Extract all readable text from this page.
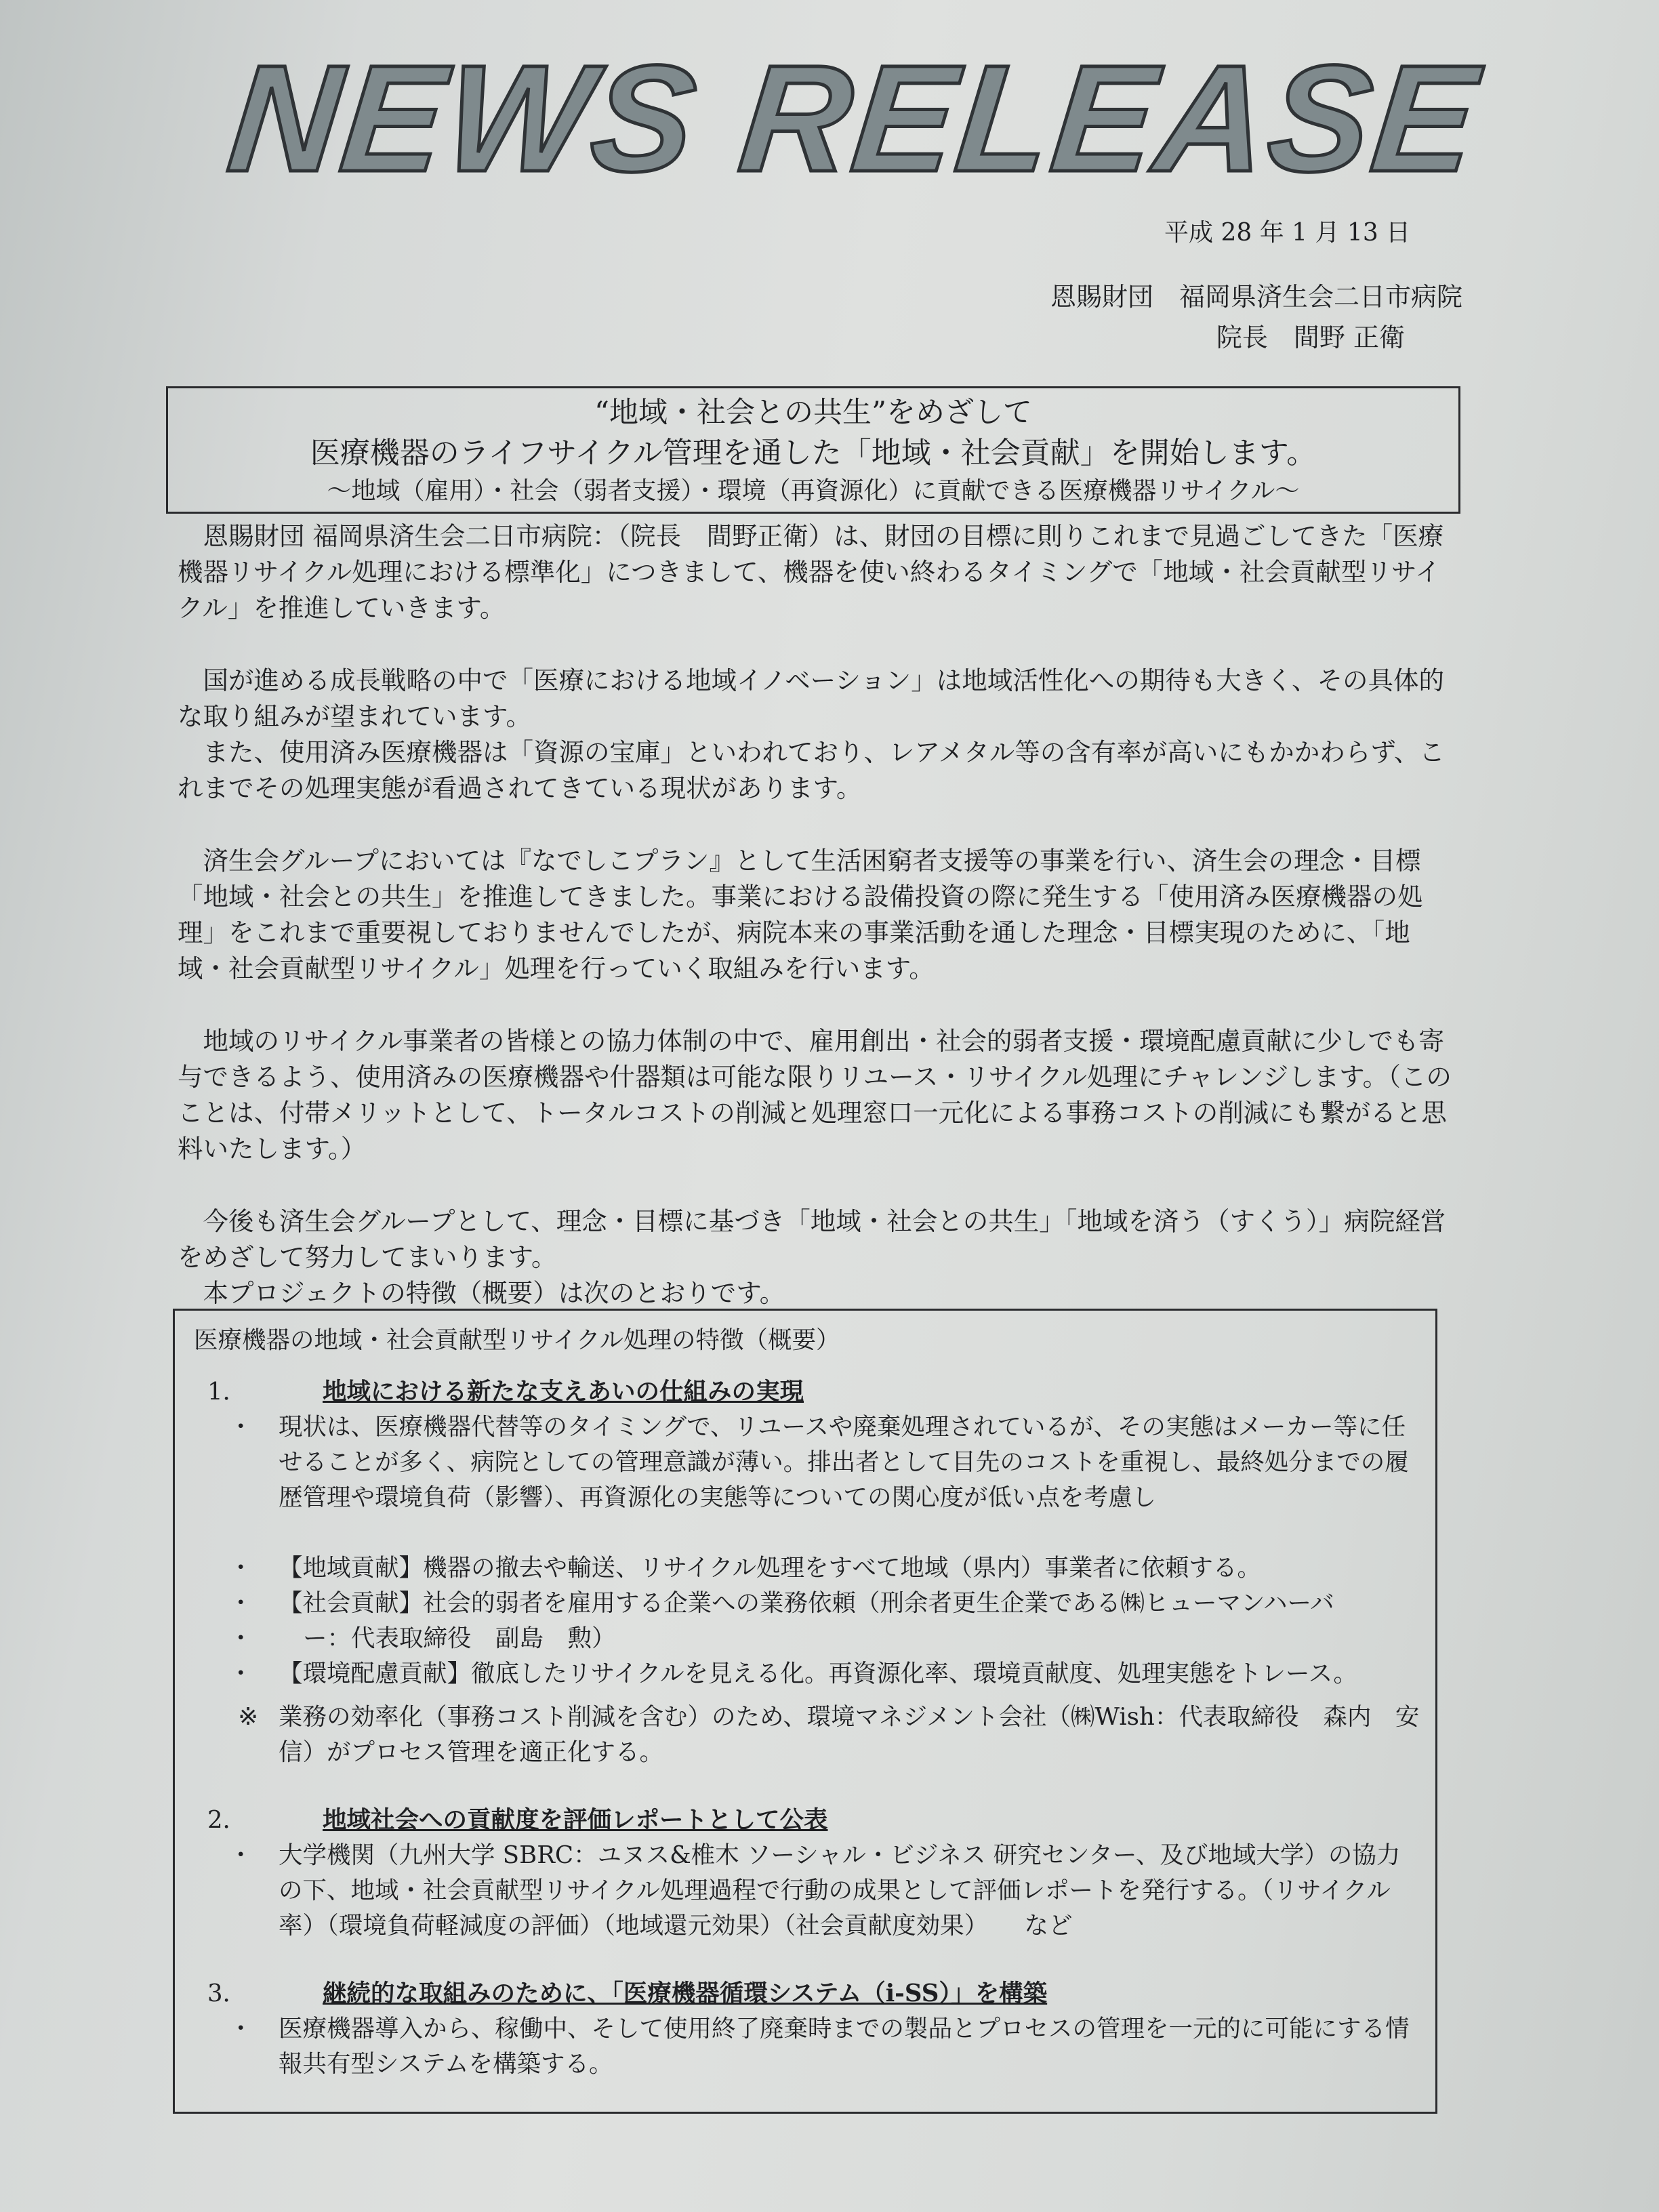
NEWS RELEASE
平成 28 年 1 月 13 日
恩賜財団　福岡県済生会二日市病院
院長　間野 正衛
“地域・社会との共生”をめざして
医療機器のライフサイクル管理を通した「地域・社会貢献」を開始します。
～地域（雇用）・社会（弱者支援）・環境（再資源化）に貢献できる医療機器リサイクル～

　恩賜財団 福岡県済生会二日市病院：（院長　間野正衛）は、財団の目標に則りこれまで見過ごしてきた「医療機器リサイクル処理における標準化」につきまして、機器を使い終わるタイミングで「地域・社会貢献型リサイクル」を推進していきます。

　国が進める成長戦略の中で「医療における地域イノベーション」は地域活性化への期待も大きく、その具体的な取り組みが望まれています。

　また、使用済み医療機器は「資源の宝庫」といわれており、レアメタル等の含有率が高いにもかかわらず、これまでその処理実態が看過されてきている現状があります。

　済生会グループにおいては『なでしこプラン』として生活困窮者支援等の事業を行い、済生会の理念・目標「地域・社会との共生」を推進してきました。事業における設備投資の際に発生する「使用済み医療機器の処理」をこれまで重要視しておりませんでしたが、病院本来の事業活動を通した理念・目標実現のために、「地域・社会貢献型リサイクル」処理を行っていく取組みを行います。

　地域のリサイクル事業者の皆様との協力体制の中で、雇用創出・社会的弱者支援・環境配慮貢献に少しでも寄与できるよう、使用済みの医療機器や什器類は可能な限りリユース・リサイクル処理にチャレンジします。（このことは、付帯メリットとして、トータルコストの削減と処理窓口一元化による事務コストの削減にも繋がると思料いたします。）

　今後も済生会グループとして、理念・目標に基づき「地域・社会との共生」「地域を済う（すくう）」病院経営をめざして努力してまいります。

　本プロジェクトの特徴（概要）は次のとおりです。

医療機器の地域・社会貢献型リサイクル処理の特徴（概要）
1．	地域における新たな支えあいの仕組みの実現
・	現状は、医療機器代替等のタイミングで、リユースや廃棄処理されているが、その実態はメーカー等に任せることが多く、病院としての管理意識が薄い。排出者として目先のコストを重視し、最終処分までの履歴管理や環境負荷（影響）、再資源化の実態等についての関心度が低い点を考慮し
・	【地域貢献】機器の撤去や輸送、リサイクル処理をすべて地域（県内）事業者に依頼する。
・	【社会貢献】社会的弱者を雇用する企業への業務依頼（刑余者更生企業である㈱ヒューマンハーバ
・	ー：代表取締役　副島　勲）
・	【環境配慮貢献】徹底したリサイクルを見える化。再資源化率、環境貢献度、処理実態をトレース。
※ 業務の効率化（事務コスト削減を含む）のため、環境マネジメント会社（㈱Wish：代表取締役　森内　安信）がプロセス管理を適正化する。
2．	地域社会への貢献度を評価レポートとして公表
・	大学機関（九州大学 SBRC：ユヌス&椎木 ソーシャル・ビジネス 研究センター、及び地域大学）の協力の下、地域・社会貢献型リサイクル処理過程で行動の成果として評価レポートを発行する。（リサイクル率）（環境負荷軽減度の評価）（地域還元効果）（社会貢献度効果）　　など
3．	継続的な取組みのために、「医療機器循環システム（i-SS）」を構築
・	医療機器導入から、稼働中、そして使用終了廃棄時までの製品とプロセスの管理を一元的に可能にする情報共有型システムを構築する。
